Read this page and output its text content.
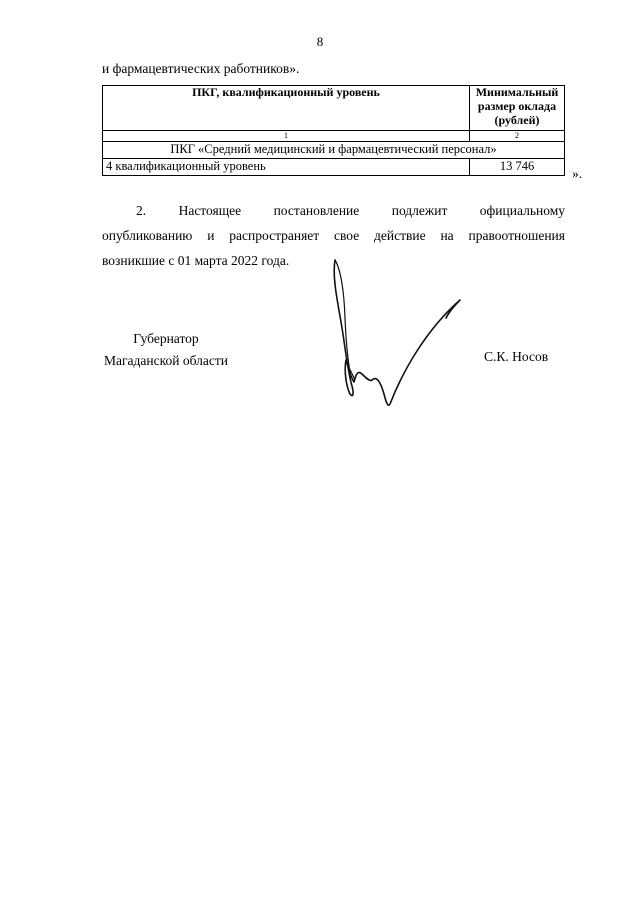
8
и фармацевтических работников».
ПКГ, квалификационный уровень	Минимальный
размер оклада
(рублей)
1	2
ПКГ «Средний медицинский и фармацевтический персонал»	
4 квалификационный уровень	13 746	».
2. Настоящее постановление подлежит официальному
опубликованию и распространяет свое действие на правоотношения
возникшие с 01 марта 2022 года.
Губернатор
Магаданской области	С.К. Носов
